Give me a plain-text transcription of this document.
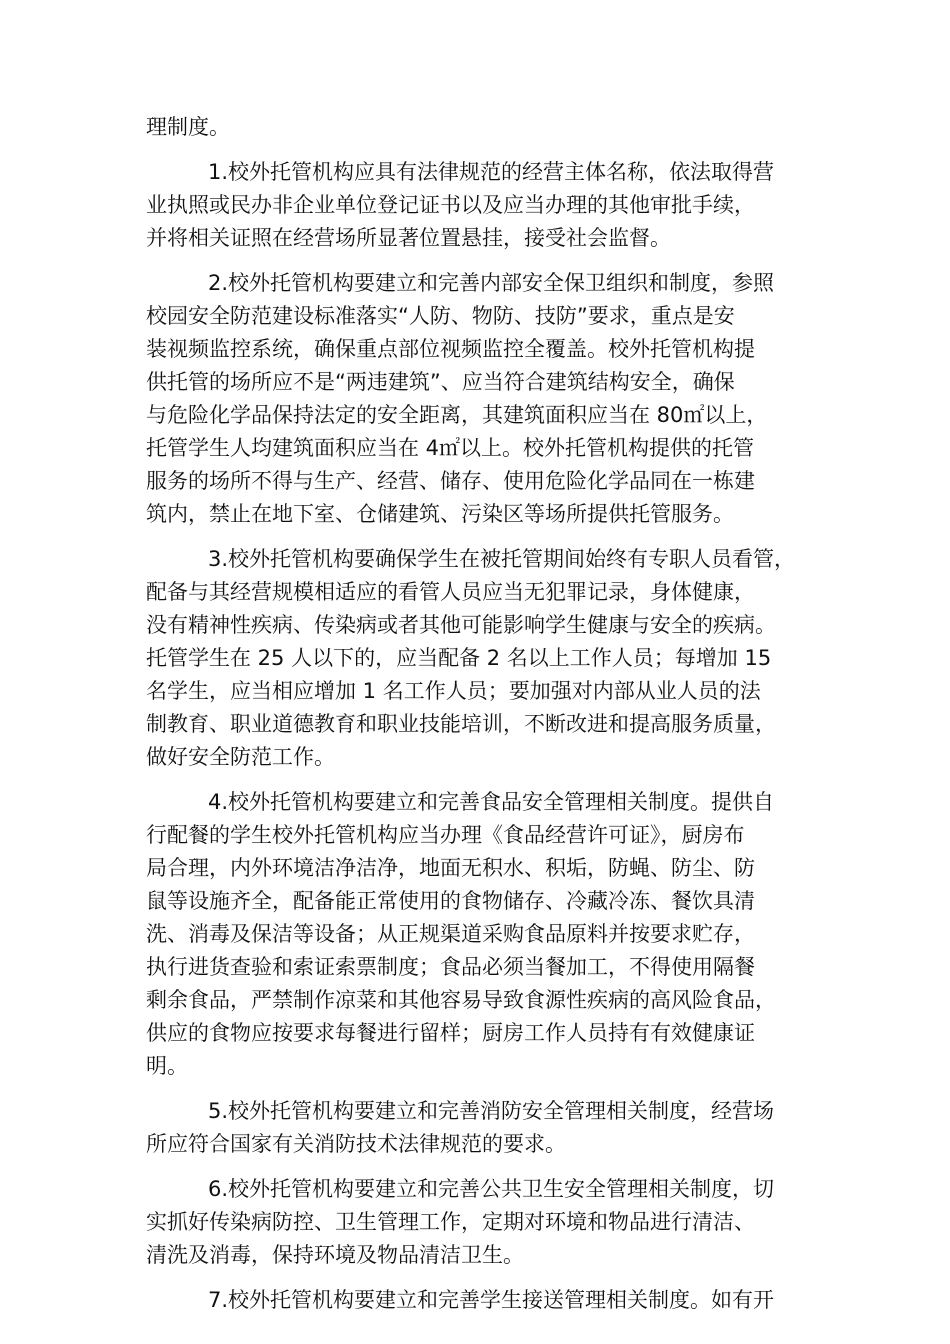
理制度。
1.校外托管机构应具有法律规范的经营主体名称，依法取得营
业执照或民办非企业单位登记证书以及应当办理的其他审批手续，
并将相关证照在经营场所显著位置悬挂，接受社会监督。
2.校外托管机构要建立和完善内部安全保卫组织和制度，参照
校园安全防范建设标准落实“人防、物防、技防”要求，重点是安
装视频监控系统，确保重点部位视频监控全覆盖。校外托管机构提
供托管的场所应不是“两违建筑”、应当符合建筑结构安全，确保
与危险化学品保持法定的安全距离，其建筑面积应当在 80㎡以上，
托管学生人均建筑面积应当在 4㎡以上。校外托管机构提供的托管
服务的场所不得与生产、经营、储存、使用危险化学品同在一栋建
筑内，禁止在地下室、仓储建筑、污染区等场所提供托管服务。
3.校外托管机构要确保学生在被托管期间始终有专职人员看管，
配备与其经营规模相适应的看管人员应当无犯罪记录，身体健康，
没有精神性疾病、传染病或者其他可能影响学生健康与安全的疾病。
托管学生在 25 人以下的，应当配备 2 名以上工作人员；每增加 15
名学生，应当相应增加 1 名工作人员；要加强对内部从业人员的法
制教育、职业道德教育和职业技能培训，不断改进和提高服务质量，
做好安全防范工作。
4.校外托管机构要建立和完善食品安全管理相关制度。提供自
行配餐的学生校外托管机构应当办理《食品经营许可证》，厨房布
局合理，内外环境洁净洁净，地面无积水、积垢，防蝇、防尘、防
鼠等设施齐全，配备能正常使用的食物储存、冷藏冷冻、餐饮具清
洗、消毒及保洁等设备；从正规渠道采购食品原料并按要求贮存，
执行进货查验和索证索票制度；食品必须当餐加工，不得使用隔餐
剩余食品，严禁制作凉菜和其他容易导致食源性疾病的高风险食品，
供应的食物应按要求每餐进行留样；厨房工作人员持有有效健康证
明。
5.校外托管机构要建立和完善消防安全管理相关制度，经营场
所应符合国家有关消防技术法律规范的要求。
6.校外托管机构要建立和完善公共卫生安全管理相关制度，切
实抓好传染病防控、卫生管理工作，定期对环境和物品进行清洁、
清洗及消毒，保持环境及物品清洁卫生。
7.校外托管机构要建立和完善学生接送管理相关制度。如有开
